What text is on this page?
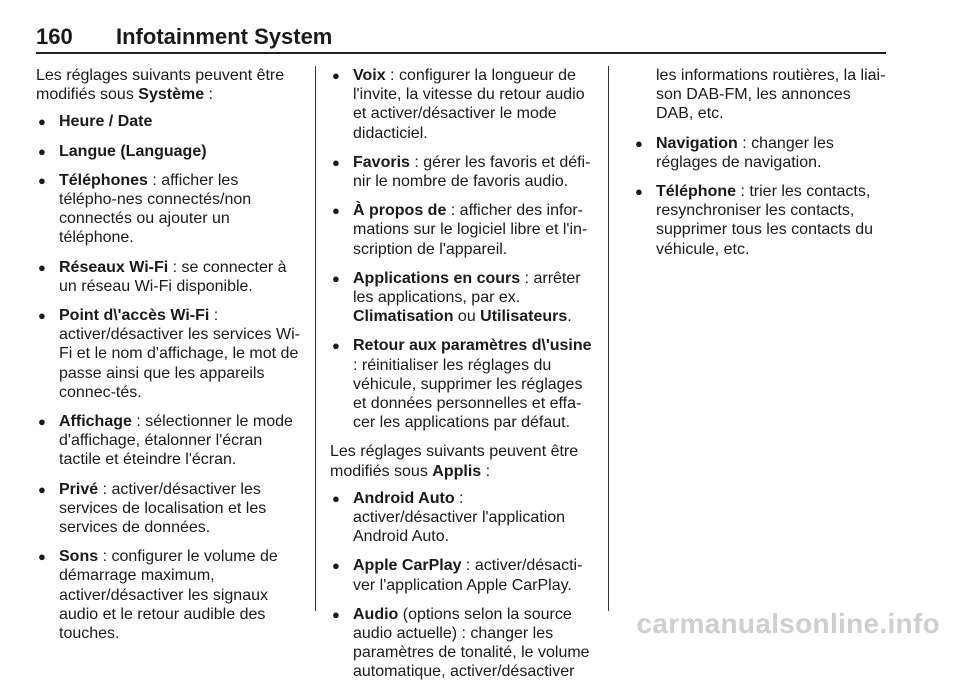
160 Infotainment System

Les réglages suivants peuvent être modifiés sous Système :

● Heure / Date
● Langue (Language)
● Téléphones : afficher les télépho-nes connectés/non connectés ou ajouter un téléphone.
● Réseaux Wi-Fi : se connecter à un réseau Wi-Fi disponible.
● Point d\'accès Wi-Fi : activer/désactiver les services Wi-Fi et le nom d'affichage, le mot de passe ainsi que les appareils connec-tés.
● Affichage : sélectionner le mode d'affichage, étalonner l'écran tactile et éteindre l'écran.
● Privé : activer/désactiver les services de localisation et les services de données.
● Sons : configurer le volume de démarrage maximum, activer/désactiver les signaux audio et le retour audible des touches.
● Voix : configurer la longueur de l'invite, la vitesse du retour audio et activer/désactiver le mode didacticiel.
● Favoris : gérer les favoris et défi-nir le nombre de favoris audio.
● À propos de : afficher des infor-mations sur le logiciel libre et l'in-scription de l'appareil.
● Applications en cours : arrêter les applications, par ex. Climatisation ou Utilisateurs.
● Retour aux paramètres d\'usine : réinitialiser les réglages du véhicule, supprimer les réglages et données personnelles et effa-cer les applications par défaut.

Les réglages suivants peuvent être modifiés sous Applis :

● Android Auto : activer/désactiver l'application Android Auto.
● Apple CarPlay : activer/désacti-ver l'application Apple CarPlay.
● Audio (options selon la source audio actuelle) : changer les paramètres de tonalité, le volume automatique, activer/désactiver

les informations routières, la liai-son DAB-FM, les annonces DAB, etc.

● Navigation : changer les réglages de navigation.
● Téléphone : trier les contacts, resynchroniser les contacts, supprimer tous les contacts du véhicule, etc.
carmanualsonline.info
